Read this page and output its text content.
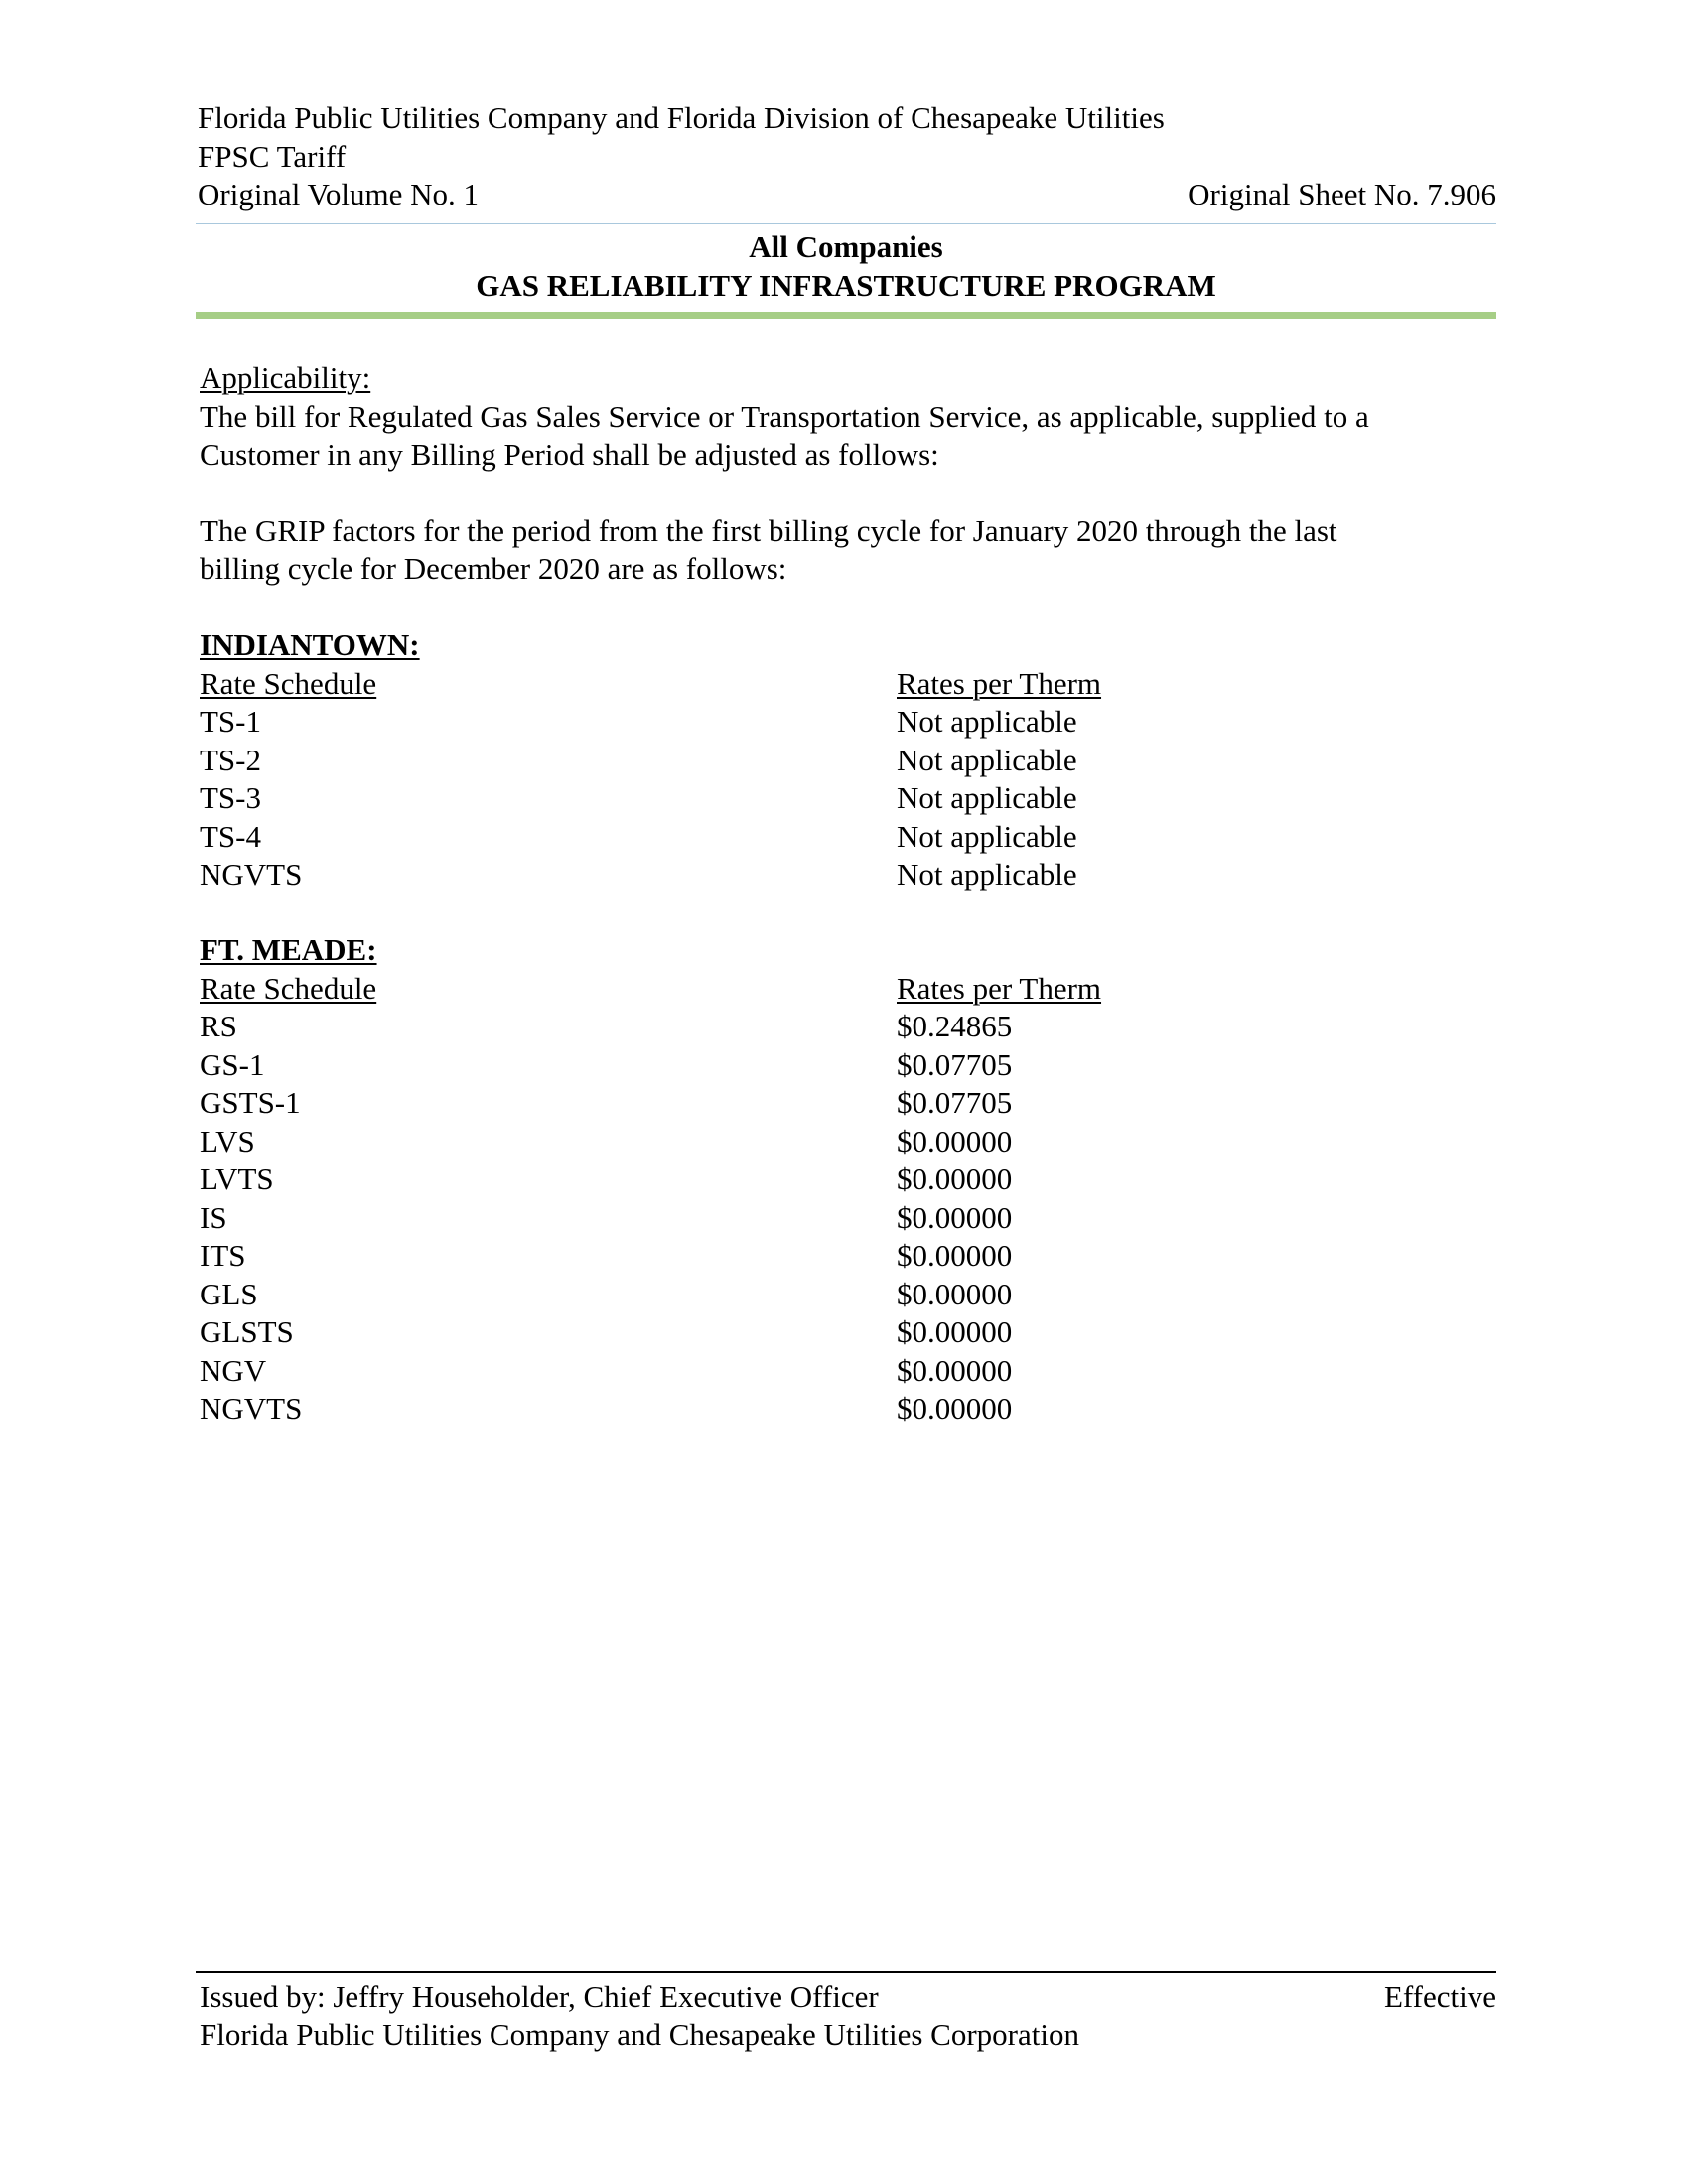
Florida Public Utilities Company and Florida Division of Chesapeake Utilities
FPSC Tariff
Original Volume No. 1	Original Sheet No. 7.906
All Companies
GAS RELIABILITY INFRASTRUCTURE PROGRAM
Applicability:
The bill for Regulated Gas Sales Service or Transportation Service, as applicable, supplied to a
Customer in any Billing Period shall be adjusted as follows:
The GRIP factors for the period from the first billing cycle for January 2020 through the last
billing cycle for December 2020 are as follows:
INDIANTOWN:
Rate Schedule	Rates per Therm
TS-1	Not applicable
TS-2	Not applicable
TS-3	Not applicable
TS-4	Not applicable
NGVTS	Not applicable
FT. MEADE:
Rate Schedule	Rates per Therm
RS	$0.24865
GS-1	$0.07705
GSTS-1	$0.07705
LVS	$0.00000
LVTS	$0.00000
IS	$0.00000
ITS	$0.00000
GLS	$0.00000
GLSTS	$0.00000
NGV	$0.00000
NGVTS	$0.00000
Issued by: Jeffry Householder, Chief Executive Officer	Effective
Florida Public Utilities Company and Chesapeake Utilities Corporation
